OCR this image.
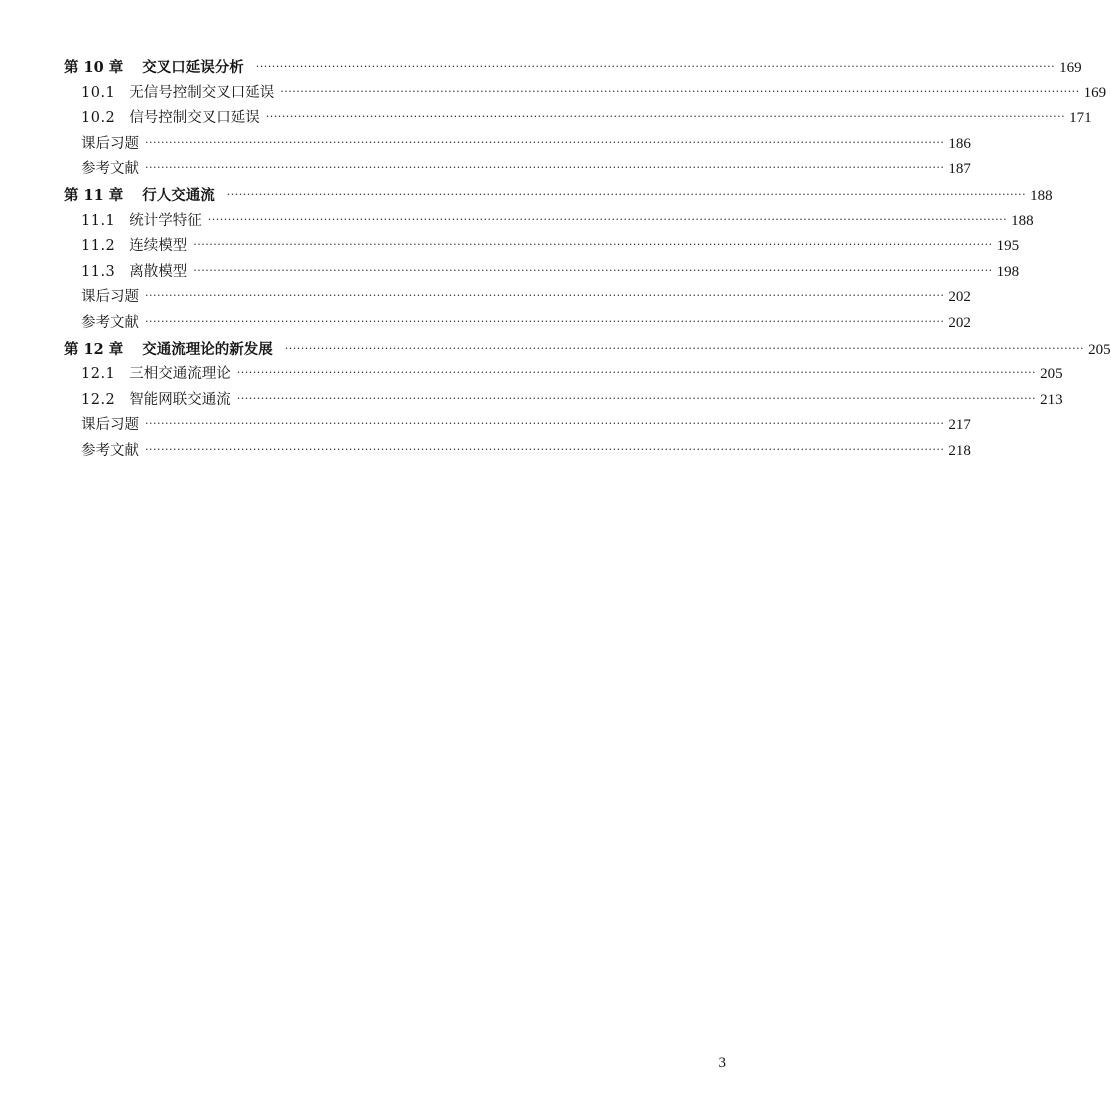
第 10 章 交叉口延误分析 ········································································································································································································ 169
10.1 无信号控制交叉口延误 ········································································································································································································ 169
10.2 信号控制交叉口延误 ········································································································································································································ 171
课后习题 ········································································································································································································ 186
参考文献 ········································································································································································································ 187
第 11 章 行人交通流 ········································································································································································································ 188
11.1 统计学特征 ········································································································································································································ 188
11.2 连续模型 ········································································································································································································ 195
11.3 离散模型 ········································································································································································································ 198
课后习题 ········································································································································································································ 202
参考文献 ········································································································································································································ 202
第 12 章 交通流理论的新发展 ········································································································································································································ 205
12.1 三相交通流理论 ········································································································································································································ 205
12.2 智能网联交通流 ········································································································································································································ 213
课后习题 ········································································································································································································ 217
参考文献 ········································································································································································································ 218
3
